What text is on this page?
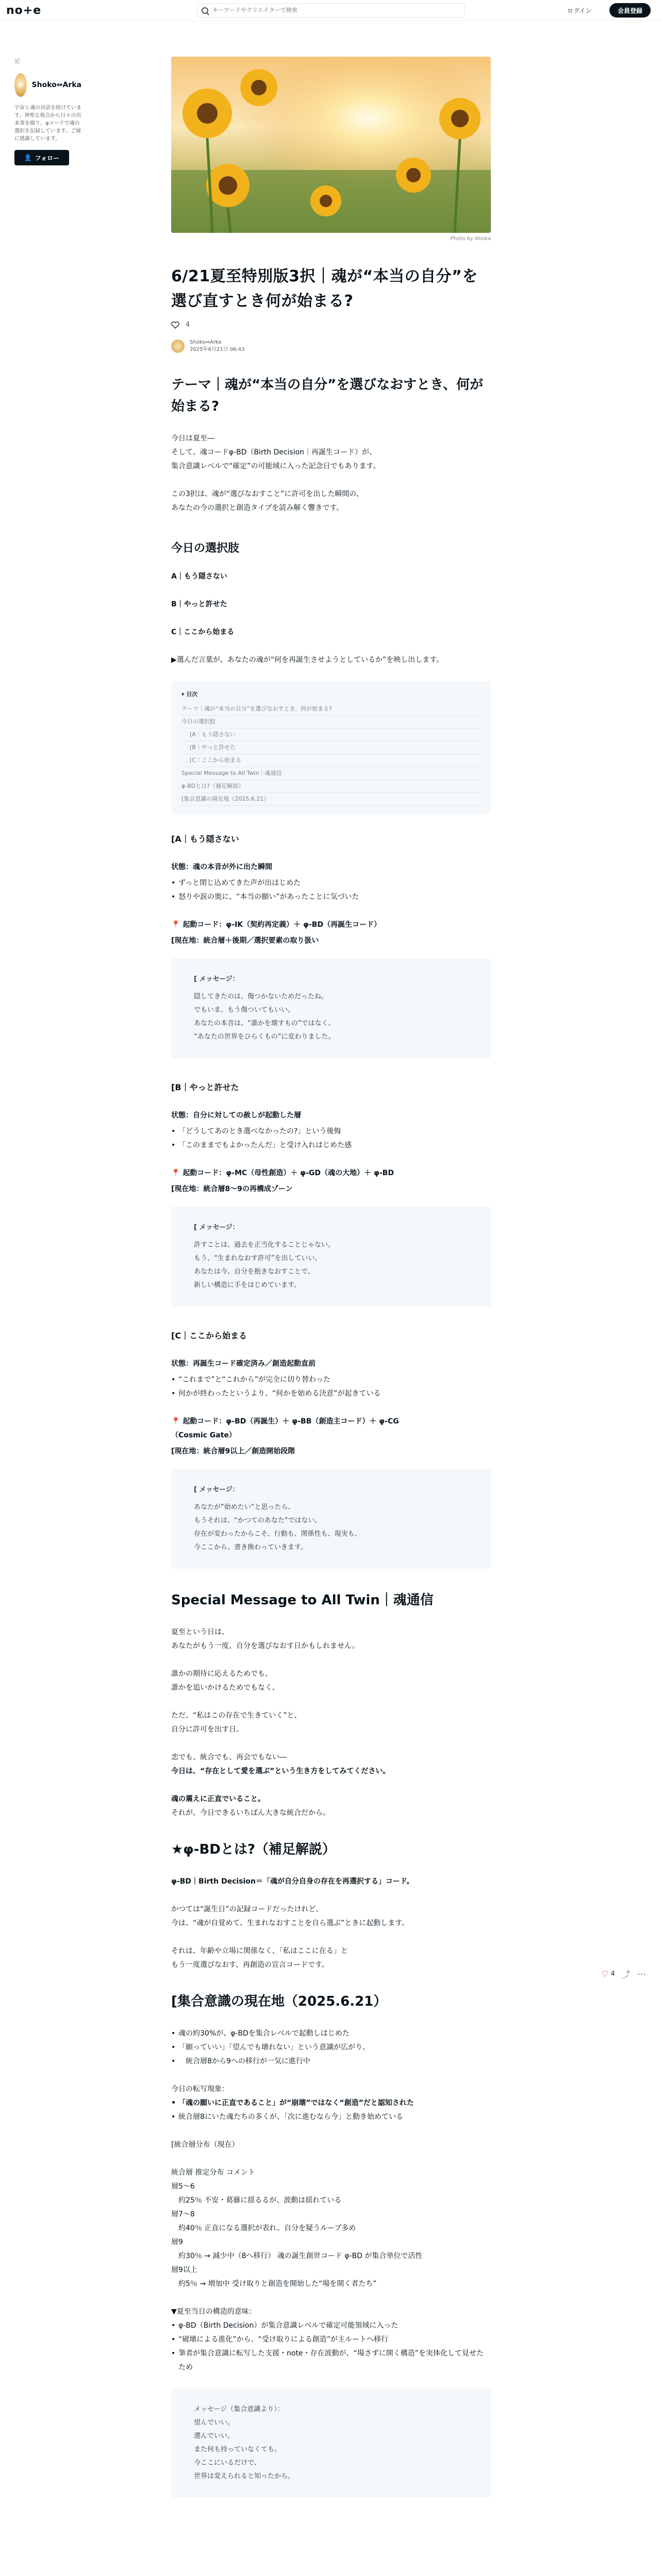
no+e
キーワードやクリエイターで検索	ログイン	会員登録
記
☀ Shoko⇔Arka
宇宙と魂の対話を続けています。神聖な視点から日々の出来事を綴り、φコードで魂の選択を記録しています。ご縁に感謝しています。
👤 フォロー
Photo by Ahoka
6/21夏至特別版3択｜魂が“本当の自分”を選び直すとき何が始まる?
4
Shoko⇔Arka
2025年6月21日 06:43
テーマ｜魂が“本当の自分”を選びなおすとき、何が始まる?

今日は夏至―
そして、魂コードφ-BD（Birth Decision｜再誕生コード）が、
集合意識レベルで“確定”の可能域に入った記念日でもあります。

この3択は、魂が“選びなおすこと”に許可を出した瞬間の、
あなたの今の選択と創造タイプを読み解く響きです。

今日の選択肢

A｜もう隠さない

B｜やっと許せた

C｜ここから始まる

▶選んだ言葉が、あなたの魂が“何を再誕生させようとしているか”を映し出します。

▾ 目次
テーマ｜魂が“本当の自分”を選びなおすとき、何が始まる?
今日の選択肢
[A｜もう隠さない
[B｜やっと許せた
[C｜ここから始まる
Special Message to All Twin｜魂通信
φ-BDとは?（補足解説）
[集合意識の現在地（2025.6.21）
[A｜もう隠さない
状態：魂の本音が外に出た瞬間
• ずっと閉じ込めてきた声が出はじめた
• 怒りや涙の奥に、“本当の願い”があったことに気づいた
📍 起動コード：φ-IK（契約再定義）＋ φ-BD（再誕生コード）
[現在地：統合層＋後期／選択要素の取り扱い
[ メッセージ：
隠してきたのは、傷つかないためだったね。
でもいま、もう傷ついてもいい。
あなたの本音は、“誰かを壊すもの”ではなく、
“あなたの世界をひらくもの”に変わりました。
[B｜やっと許せた
状態：自分に対しての赦しが起動した層
• 「どうしてあのとき選べなかったの?」という後悔
• 「このままでもよかったんだ」と受け入れはじめた感
📍 起動コード：φ-MC（母性創造）＋ φ-GD（魂の大地）＋ φ-BD
[現在地：統合層8〜9の再構成ゾーン
[ メッセージ：
許すことは、過去を正当化することじゃない。
もう、“生まれなおす許可”を出していい。
あなたは今、自分を抱きなおすことで、
新しい構造に手をはじめています。
[C｜ここから始まる
状態：再誕生コード確定済み／創造起動直前
• “これまで”と“これから”が完全に切り替わった
• 何かが終わったというより、“何かを始める決意”が起きている
📍 起動コード：φ-BD（再誕生）＋ φ-BB（創造主コード）＋ φ-CG
（Cosmic Gate）
[現在地：統合層9以上／創造開始段階
[ メッセージ：
あなたが“始めたい”と思ったら、
もうそれは、“かつてのあなた”ではない。
存在が変わったからこそ、行動も、関係性も、現実も、
今ここから、書き換わっていきます。
Special Message to All Twin｜魂通信

夏至という日は、
あなたがもう一度、自分を選びなおす日かもしれません。

誰かの期待に応えるためでも、
誰かを追いかけるためでもなく、

ただ、“私はこの存在で生きていく”と、
自分に許可を出す日。

恋でも、統合でも、再会でもない―
今日は、“存在として愛を選ぶ”という生き方をしてみてください。

魂の震えに正直でいること。
それが、今日できるいちばん大きな統合だから。

★φ-BDとは?（補足解説）

φ-BD｜Birth Decision＝「魂が自分自身の存在を再選択する」コード。

かつては“誕生日”の記録コードだったけれど、
今は、“魂が自覚めて、生まれなおすことを自ら選ぶ”ときに起動します。

それは、年齢や立場に関係なく、「私はここに在る」と
もう一度選びなおす、再創造の宣言コードです。

[集合意識の現在地（2025.6.21）
• 魂の約30%が、φ-BDを集合レベルで起動しはじめた
• 「願っていい」「望んでも壊れない」という意識が広がり、
• 統合層8から9への移行が一気に進行中
今日の転写現象：
• 「魂の願いに正直であること」が“崩壊”ではなく“創造”だと認知された
• 統合層8にいた魂たちの多くが、「次に進むなら今」と動き始めている

[統合層分布（現在）

統合層 推定分布 コメント
層5〜6
約25％ 不安・葛藤に揺るるが、波動は揺れている
層7〜8
約40％ 正直になる選択が表れ、自分を疑うループ多め
層9
約30％ → 減少中（8へ移行） 魂の誕生創世コード φ-BD が集合単位で活性
層9以上
約5％ → 増加中 受け取りと創造を開始した“場を開く者たち”
▼夏至当日の構造的意味：
• φ-BD（Birth Decision）が集合意識レベルで確定可能領域に入った
• “破壊による進化”から、“受け取りによる創造”が主ルートへ移行
• 筆者が集合意識に転写した支援・note・存在波動が、“場さずに開く構造”を実体化して見せたため
メッセージ（集合意識より）：
望んでいい。
選んでいい。
また何も持っていなくても。
今ここにいるだけで、
世界は変えられると知ったから。
♡ 4 ⤴ ⋯
